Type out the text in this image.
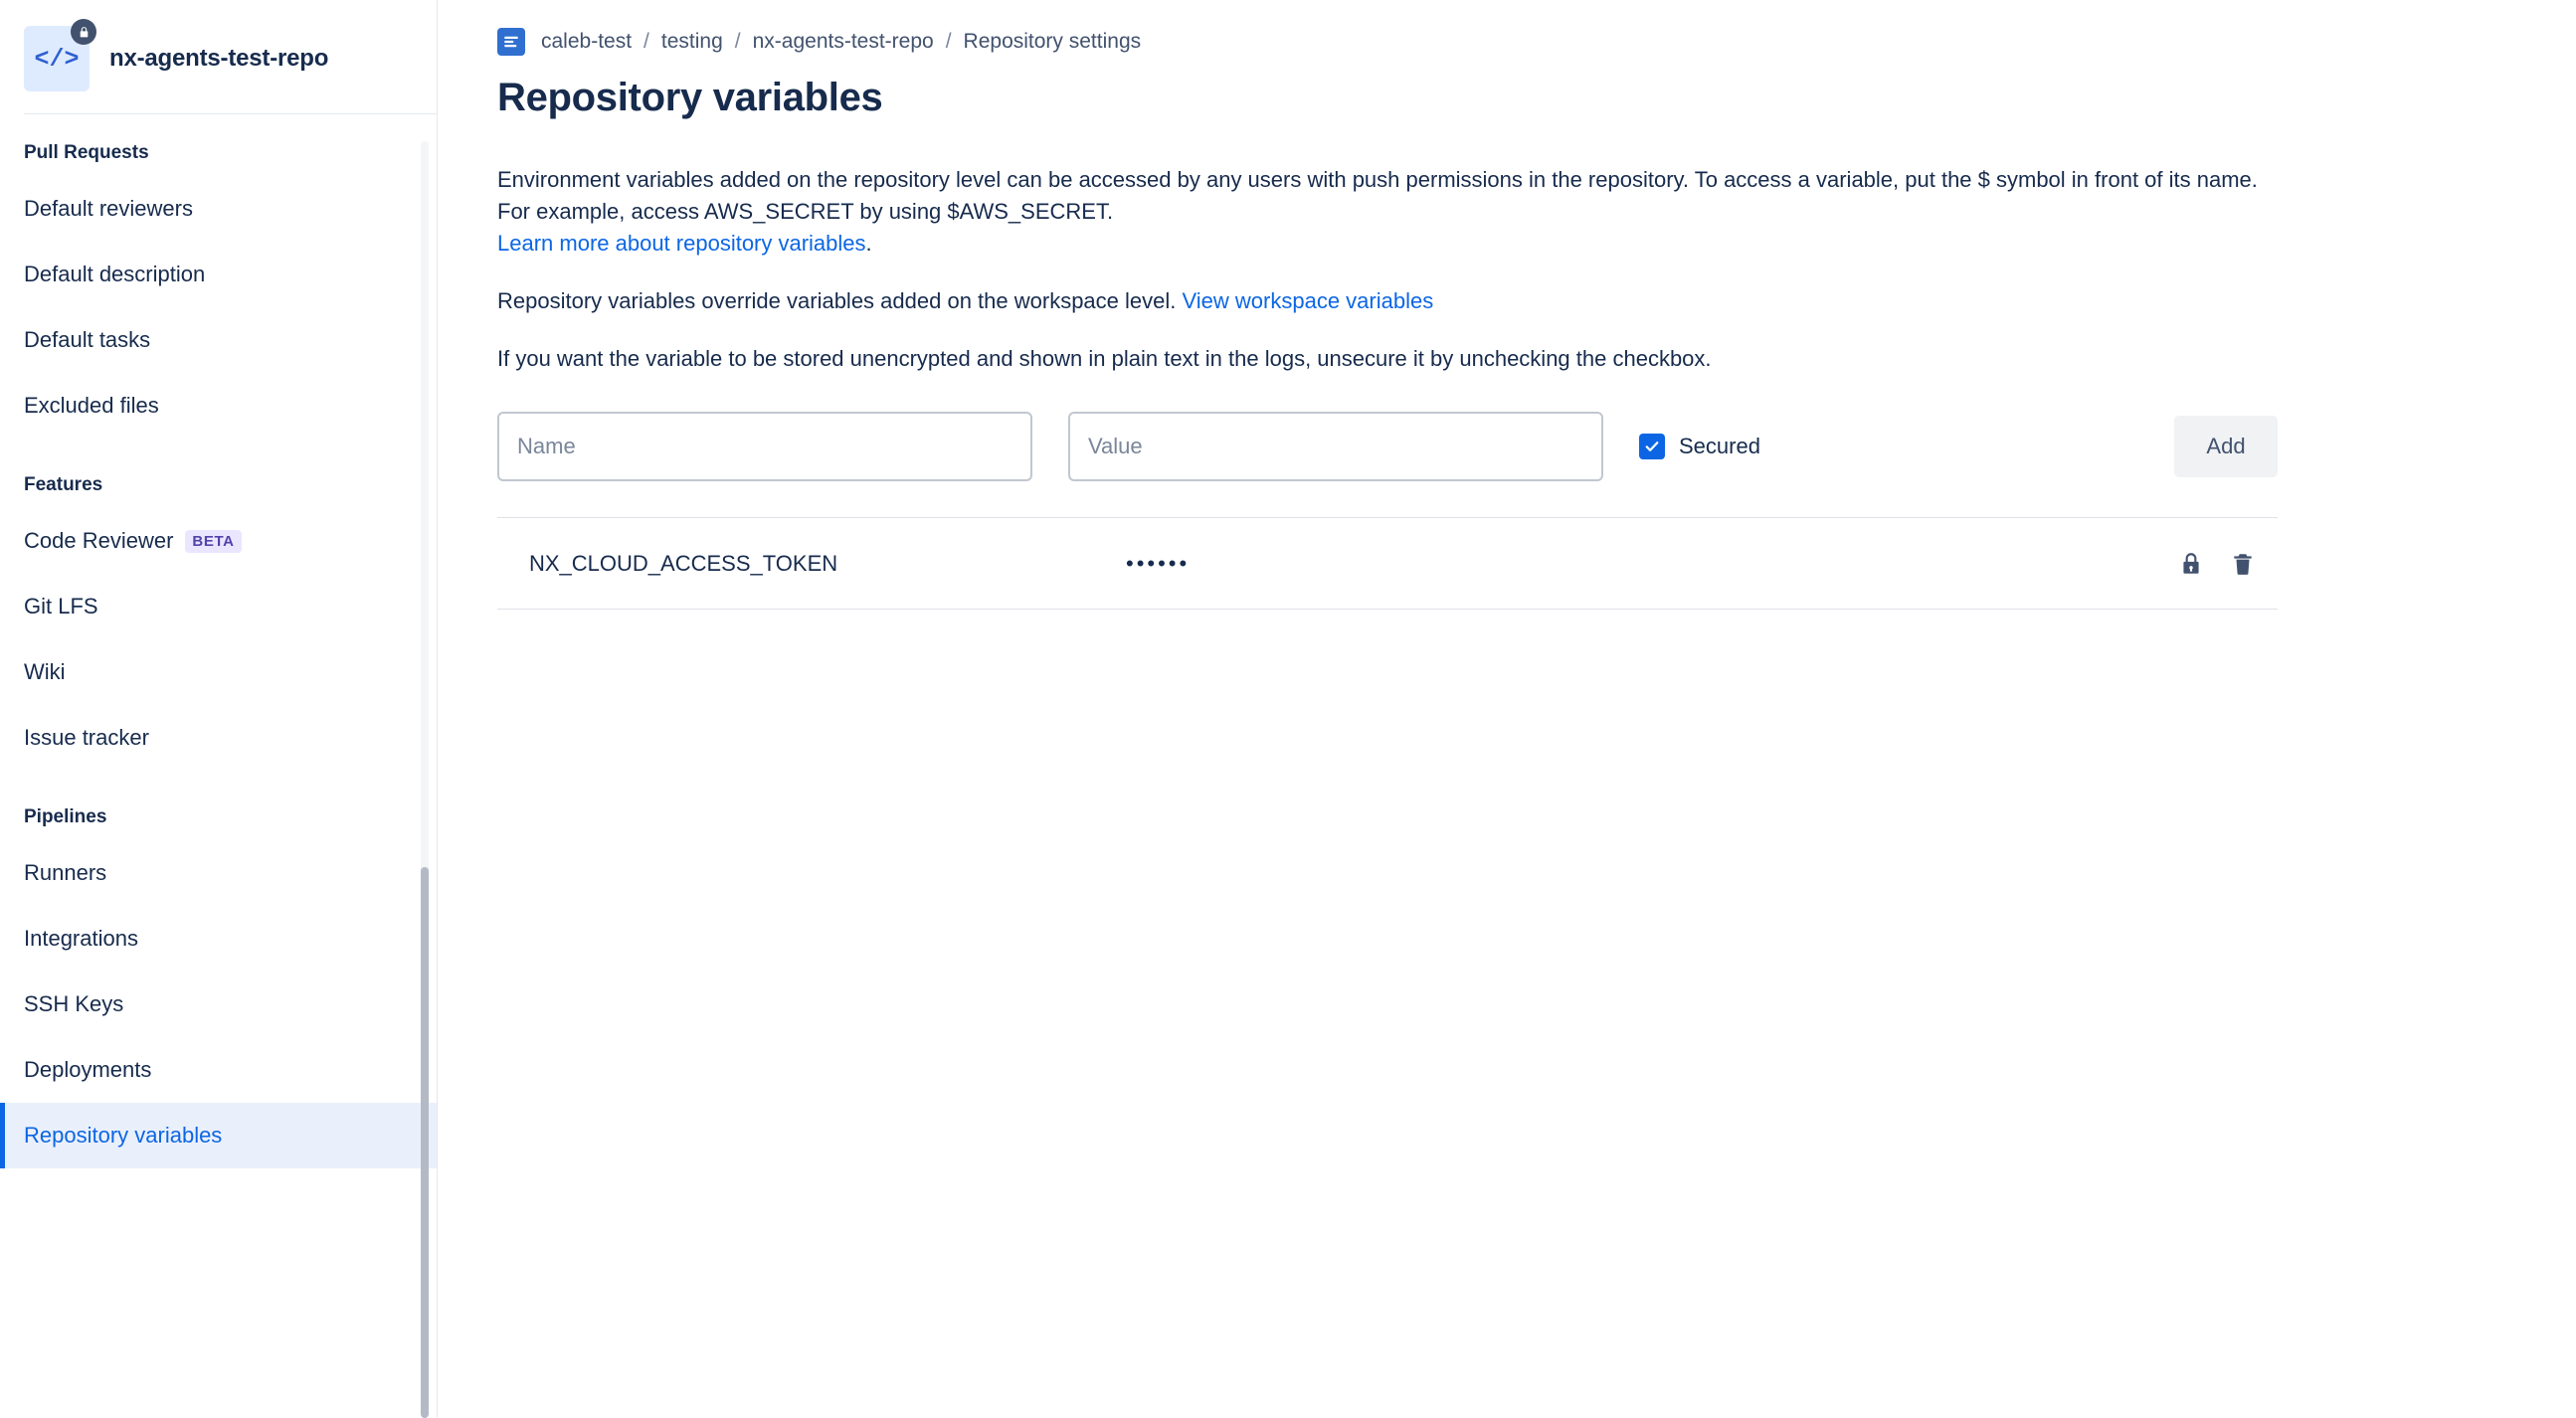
</> nx-agents-test-repo
Pull Requests
Default reviewers
Default description
Default tasks
Excluded files
Features
Code Reviewer	BETA
Git LFS
Wiki
Issue tracker
Pipelines
Runners
Integrations
SSH Keys
Deployments
Repository variables
caleb-test / testing / nx-agents-test-repo / Repository settings
Repository variables

Environment variables added on the repository level can be accessed by any users with push permissions in the repository. To access a variable, put the $ symbol in front of its name. For example, access AWS_SECRET by using $AWS_SECRET.
Learn more about repository variables.

Repository variables override variables added on the workspace level. View workspace variables

If you want the variable to be stored unencrypted and shown in plain text in the logs, unsecure it by unchecking the checkbox.

Name
Value
Secured	Add
NX_CLOUD_ACCESS_TOKEN	••••••
